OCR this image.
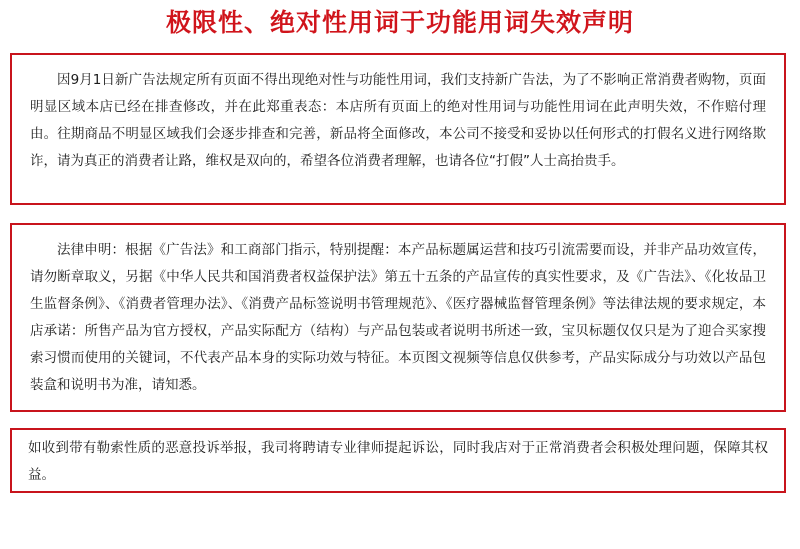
极限性、绝对性用词于功能用词失效声明

因9月1日新广告法规定所有页面不得出现绝对性与功能性用词，我们支持新广告法，为了不影响正常消费者购物，页面明显区域本店已经在排查修改，并在此郑重表态：本店所有页面上的绝对性用词与功能性用词在此声明失效，不作赔付理由。往期商品不明显区域我们会逐步排查和完善，新品将全面修改，本公司不接受和妥协以任何形式的打假名义进行网络欺诈，请为真正的消费者让路，维权是双向的，希望各位消费者理解，也请各位“打假”人士高抬贵手。

法律申明：根据《广告法》和工商部门指示，特别提醒：本产品标题属运营和技巧引流需要而设，并非产品功效宣传，请勿断章取义，另据《中华人民共和国消费者权益保护法》第五十五条的产品宣传的真实性要求，及《广告法》、《化妆品卫生监督条例》、《消费者管理办法》、《消费产品标签说明书管理规范》、《医疗器械监督管理条例》等法律法规的要求规定，本店承诺：所售产品为官方授权，产品实际配方（结构）与产品包装或者说明书所述一致，宝贝标题仅仅只是为了迎合买家搜索习惯而使用的关键词，不代表产品本身的实际功效与特征。本页图文视频等信息仅供参考，产品实际成分与功效以产品包装盒和说明书为准，请知悉。

如收到带有勒索性质的恶意投诉举报，我司将聘请专业律师提起诉讼，同时我店对于正常消费者会积极处理问题，保障其权益。
